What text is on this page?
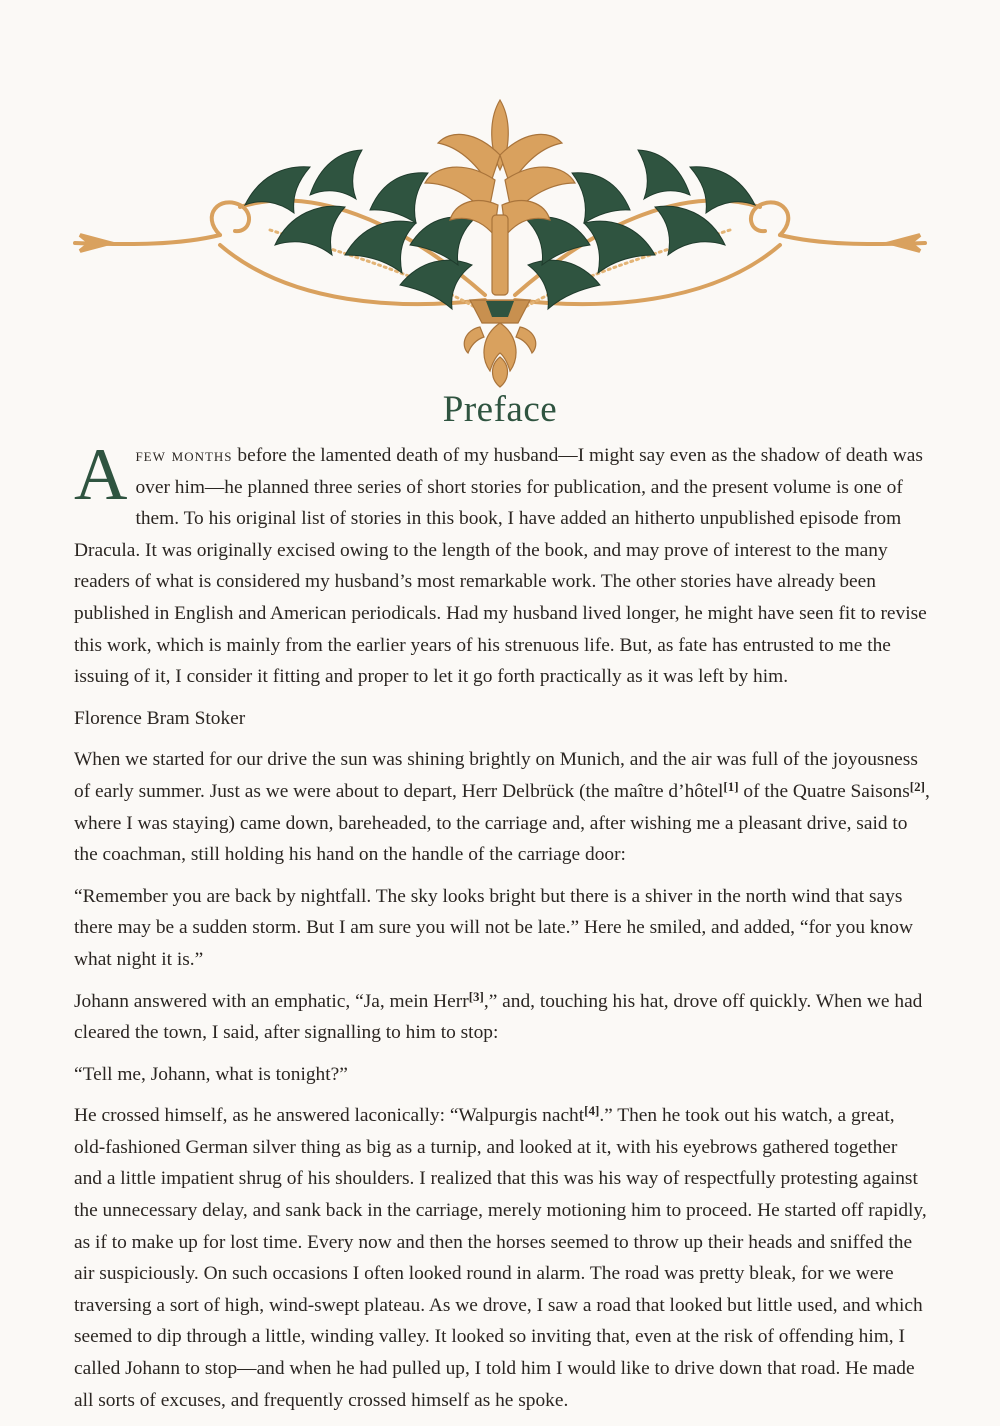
Preface

Afew months before the lamented death of my husband—I might say even as the shadow of death was over him—he planned three series of short stories for publication, and the present volume is one of them. To his original list of stories in this book, I have added an hitherto unpublished episode from Dracula. It was originally excised owing to the length of the book, and may prove of interest to the many readers of what is considered my husband’s most remarkable work. The other stories have already been published in English and American periodicals. Had my husband lived longer, he might have seen fit to revise this work, which is mainly from the earlier years of his strenuous life. But, as fate has entrusted to me the issuing of it, I consider it fitting and proper to let it go forth practically as it was left by him.

Florence Bram Stoker

When we started for our drive the sun was shining brightly on Munich, and the air was full of the joyousness of early summer. Just as we were about to depart, Herr Delbrück (the maître d’hôtel[1] of the Quatre Saisons[2], where I was staying) came down, bareheaded, to the carriage and, after wishing me a pleasant drive, said to the coachman, still holding his hand on the handle of the carriage door:

“Remember you are back by nightfall. The sky looks bright but there is a shiver in the north wind that says there may be a sudden storm. But I am sure you will not be late.” Here he smiled, and added, “for you know what night it is.”

Johann answered with an emphatic, “Ja, mein Herr[3],” and, touching his hat, drove off quickly. When we had cleared the town, I said, after signalling to him to stop:

“Tell me, Johann, what is tonight?”

He crossed himself, as he answered laconically: “Walpurgis nacht[4].” Then he took out his watch, a great, old-fashioned German silver thing as big as a turnip, and looked at it, with his eyebrows gathered together and a little impatient shrug of his shoulders. I realized that this was his way of respectfully protesting against the unnecessary delay, and sank back in the carriage, merely motioning him to proceed. He started off rapidly, as if to make up for lost time. Every now and then the horses seemed to throw up their heads and sniffed the air suspiciously. On such occasions I often looked round in alarm. The road was pretty bleak, for we were traversing a sort of high, wind-swept plateau. As we drove, I saw a road that looked but little used, and which seemed to dip through a little, winding valley. It looked so inviting that, even at the risk of offending him, I called Johann to stop—and when he had pulled up, I told him I would like to drive down that road. He made all sorts of excuses, and frequently crossed himself as he spoke.
